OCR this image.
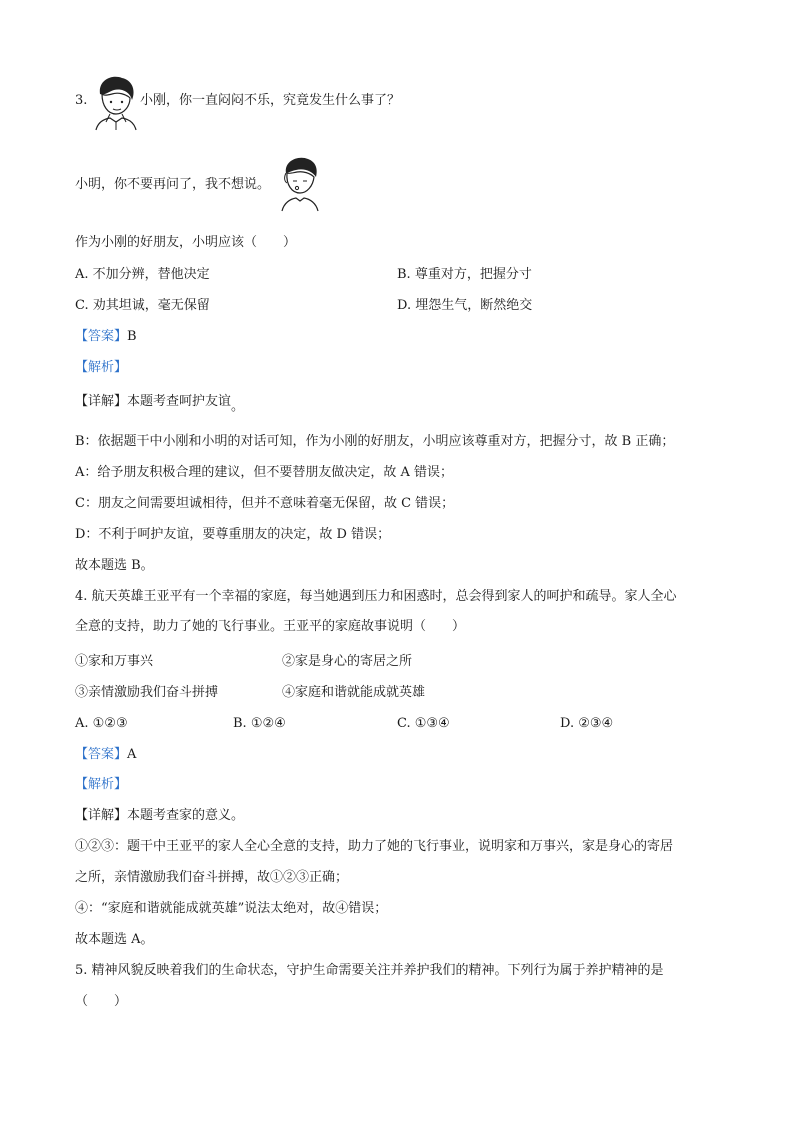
3.	小刚，你一直闷闷不乐，究竟发生什么事了？
小明，你不要再问了，我不想说。
作为小刚的好朋友，小明应该（　　）
A. 不加分辨，替他决定	B. 尊重对方，把握分寸
C. 劝其坦诚，毫无保留	D. 埋怨生气，断然绝交
【答案】B
【解析】
【详解】本题考查呵护友谊。
B：依据题干中小刚和小明的对话可知，作为小刚的好朋友，小明应该尊重对方，把握分寸，故 B 正确；
A：给予朋友积极合理的建议，但不要替朋友做决定，故 A 错误；
C：朋友之间需要坦诚相待，但并不意味着毫无保留，故 C 错误；
D：不利于呵护友谊，要尊重朋友的决定，故 D 错误；
故本题选 B。
4. 航天英雄王亚平有一个幸福的家庭，每当她遇到压力和困惑时，总会得到家人的呵护和疏导。家人全心
全意的支持，助力了她的飞行事业。王亚平的家庭故事说明（　　）
①家和万事兴	②家是身心的寄居之所
③亲情激励我们奋斗拼搏	④家庭和谐就能成就英雄
A. ①②③	B. ①②④	C. ①③④	D. ②③④
【答案】A
【解析】
【详解】本题考查家的意义。
①②③：题干中王亚平的家人全心全意的支持，助力了她的飞行事业，说明家和万事兴，家是身心的寄居
之所，亲情激励我们奋斗拼搏，故①②③正确；
④：“家庭和谐就能成就英雄”说法太绝对，故④错误；
故本题选 A。
5. 精神风貌反映着我们的生命状态，守护生命需要关注并养护我们的精神。下列行为属于养护精神的是
（　　）
